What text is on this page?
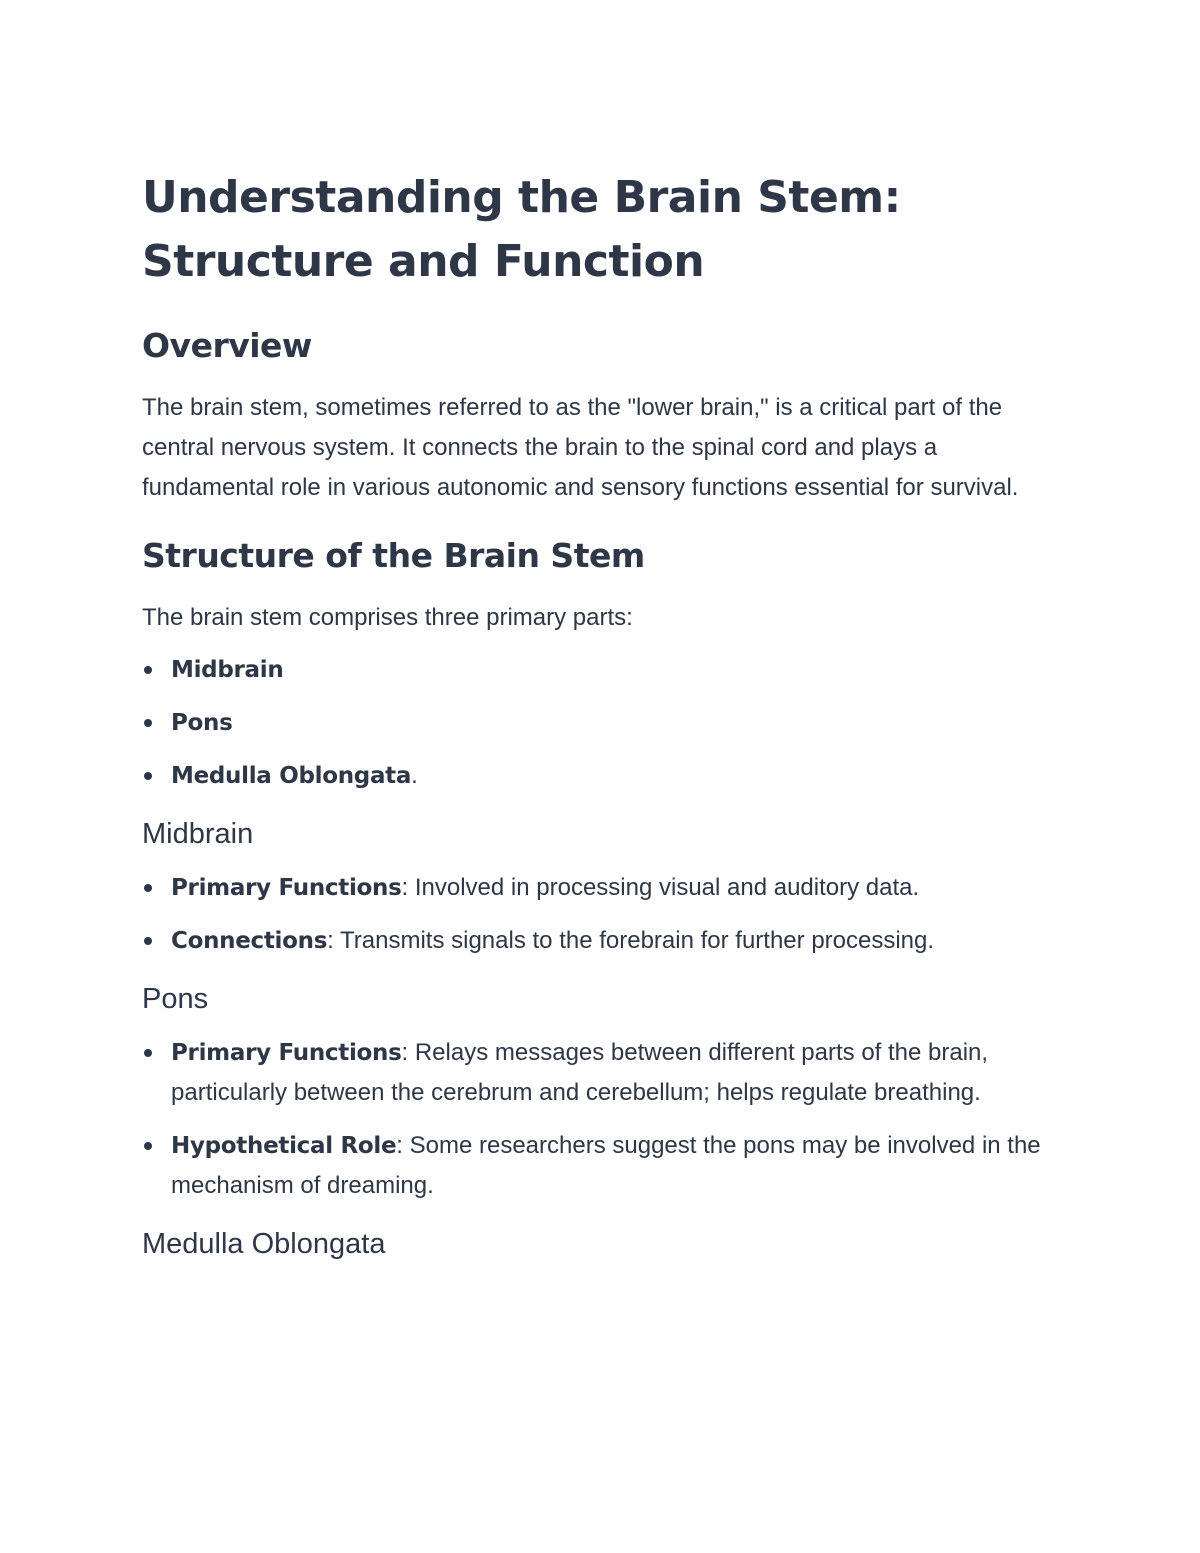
Understanding the Brain Stem:
Structure and Function
Overview

The brain stem, sometimes referred to as the "lower brain," is a critical part of the central nervous system. It connects the brain to the spinal cord and plays a fundamental role in various autonomic and sensory functions essential for survival.

Structure of the Brain Stem

The brain stem comprises three primary parts:

Midbrain
Pons
Medulla Oblongata.
Midbrain
Primary Functions: Involved in processing visual and auditory data.
Connections: Transmits signals to the forebrain for further processing.
Pons
Primary Functions: Relays messages between different parts of the brain, particularly between the cerebrum and cerebellum; helps regulate breathing.
Hypothetical Role: Some researchers suggest the pons may be involved in the mechanism of dreaming.
Medulla Oblongata
